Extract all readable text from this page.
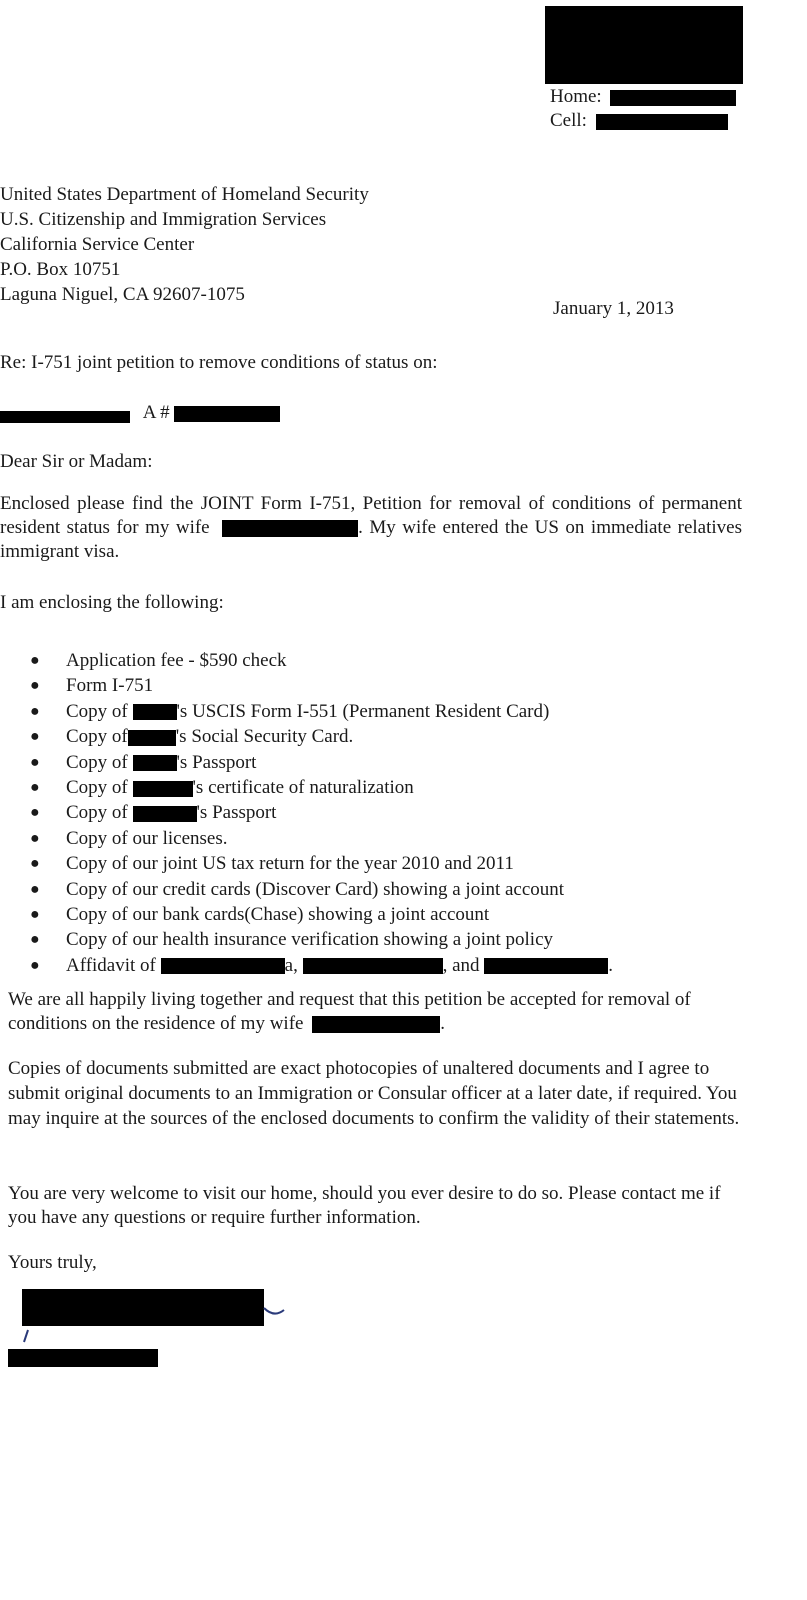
Home:
Cell:
United States Department of Homeland Security
U.S. Citizenship and Immigration Services
California Service Center
P.O. Box 10751
Laguna Niguel, CA 92607-1075
January 1, 2013
Re: I-751 joint petition to remove conditions of status on:
A #
Dear Sir or Madam:
Enclosed please find the JOINT Form I-751, Petition for removal of conditions of permanent resident status for my wife	. My wife entered the US on immediate relatives immigrant visa.
I am enclosing the following:
● Application fee - $590 check
● Form I-751
● Copy of	's USCIS Form I-551 (Permanent Resident Card)
● Copy of	's Social Security Card.
● Copy of	's Passport
● Copy of	's certificate of naturalization
● Copy of	's Passport
● Copy of our licenses.
● Copy of our joint US tax return for the year 2010 and 2011
● Copy of our credit cards (Discover Card) showing a joint account
● Copy of our bank cards(Chase) showing a joint account
● Copy of our health insurance verification showing a joint policy
● Affidavit of	a,	, and	.
We are all happily living together and request that this petition be accepted for removal of conditions on the residence of my wife	.
Copies of documents submitted are exact photocopies of unaltered documents and I agree to submit original documents to an Immigration or Consular officer at a later date, if required. You may inquire at the sources of the enclosed documents to confirm the validity of their statements.
You are very welcome to visit our home, should you ever desire to do so. Please contact me if you have any questions or require further information.
Yours truly,
